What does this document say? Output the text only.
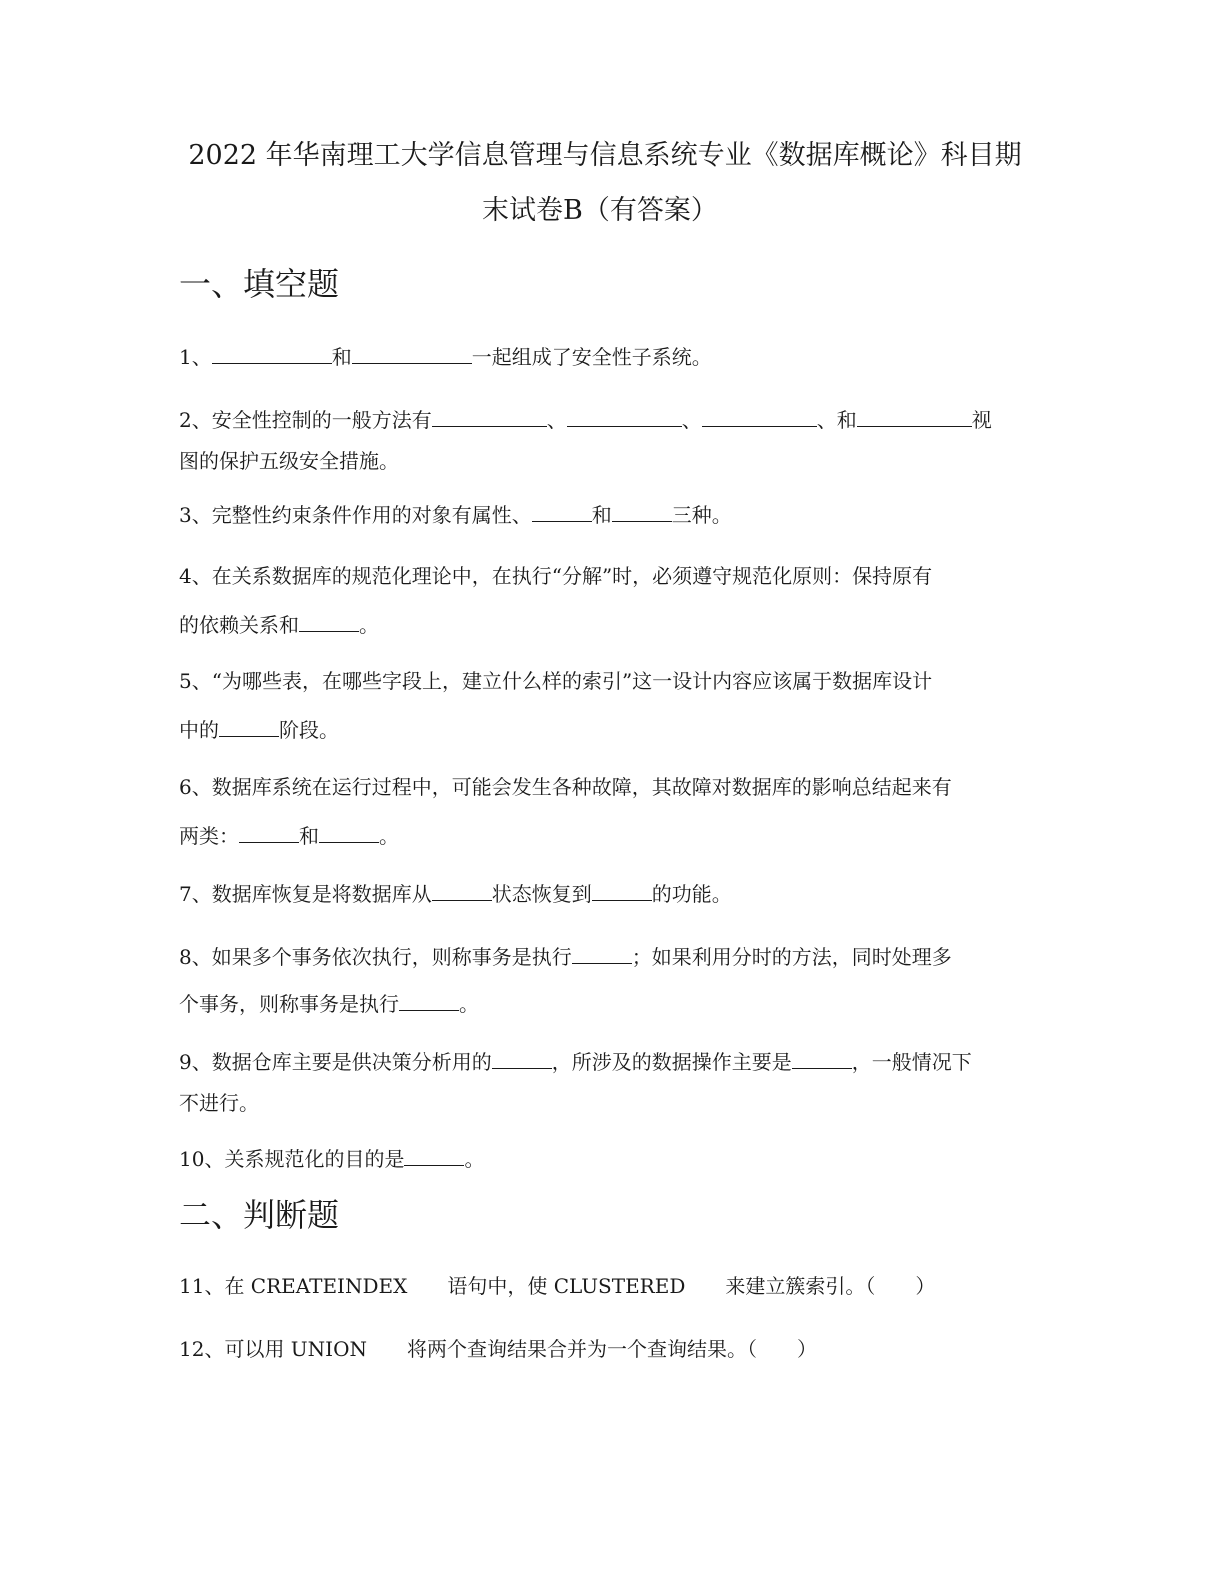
2022 年华南理工大学信息管理与信息系统专业《数据库概论》科目期
末试卷B（有答案）
一、填空题
1、	和	一起组成了安全性子系统。
2、安全性控制的一般方法有	、	、	、和	视
图的保护五级安全措施。
3、完整性约束条件作用的对象有属性、	和	三种。
4、在关系数据库的规范化理论中，在执行“分解”时，必须遵守规范化原则：保持原有
的依赖关系和	。
5、“为哪些表，在哪些字段上，建立什么样的索引”这一设计内容应该属于数据库设计
中的	阶段。
6、数据库系统在运行过程中，可能会发生各种故障，其故障对数据库的影响总结起来有
两类：	和	。
7、数据库恢复是将数据库从	状态恢复到	的功能。
8、如果多个事务依次执行，则称事务是执行	；如果利用分时的方法，同时处理多
个事务，则称事务是执行	。
9、数据仓库主要是供决策分析用的	，所涉及的数据操作主要是	，一般情况下
不进行。
10、关系规范化的目的是	。
二、判断题
11、在 CREATEINDEX 语句中，使 CLUSTERED 来建立簇索引。（　　）
12、可以用 UNION 将两个查询结果合并为一个查询结果。（　　）
